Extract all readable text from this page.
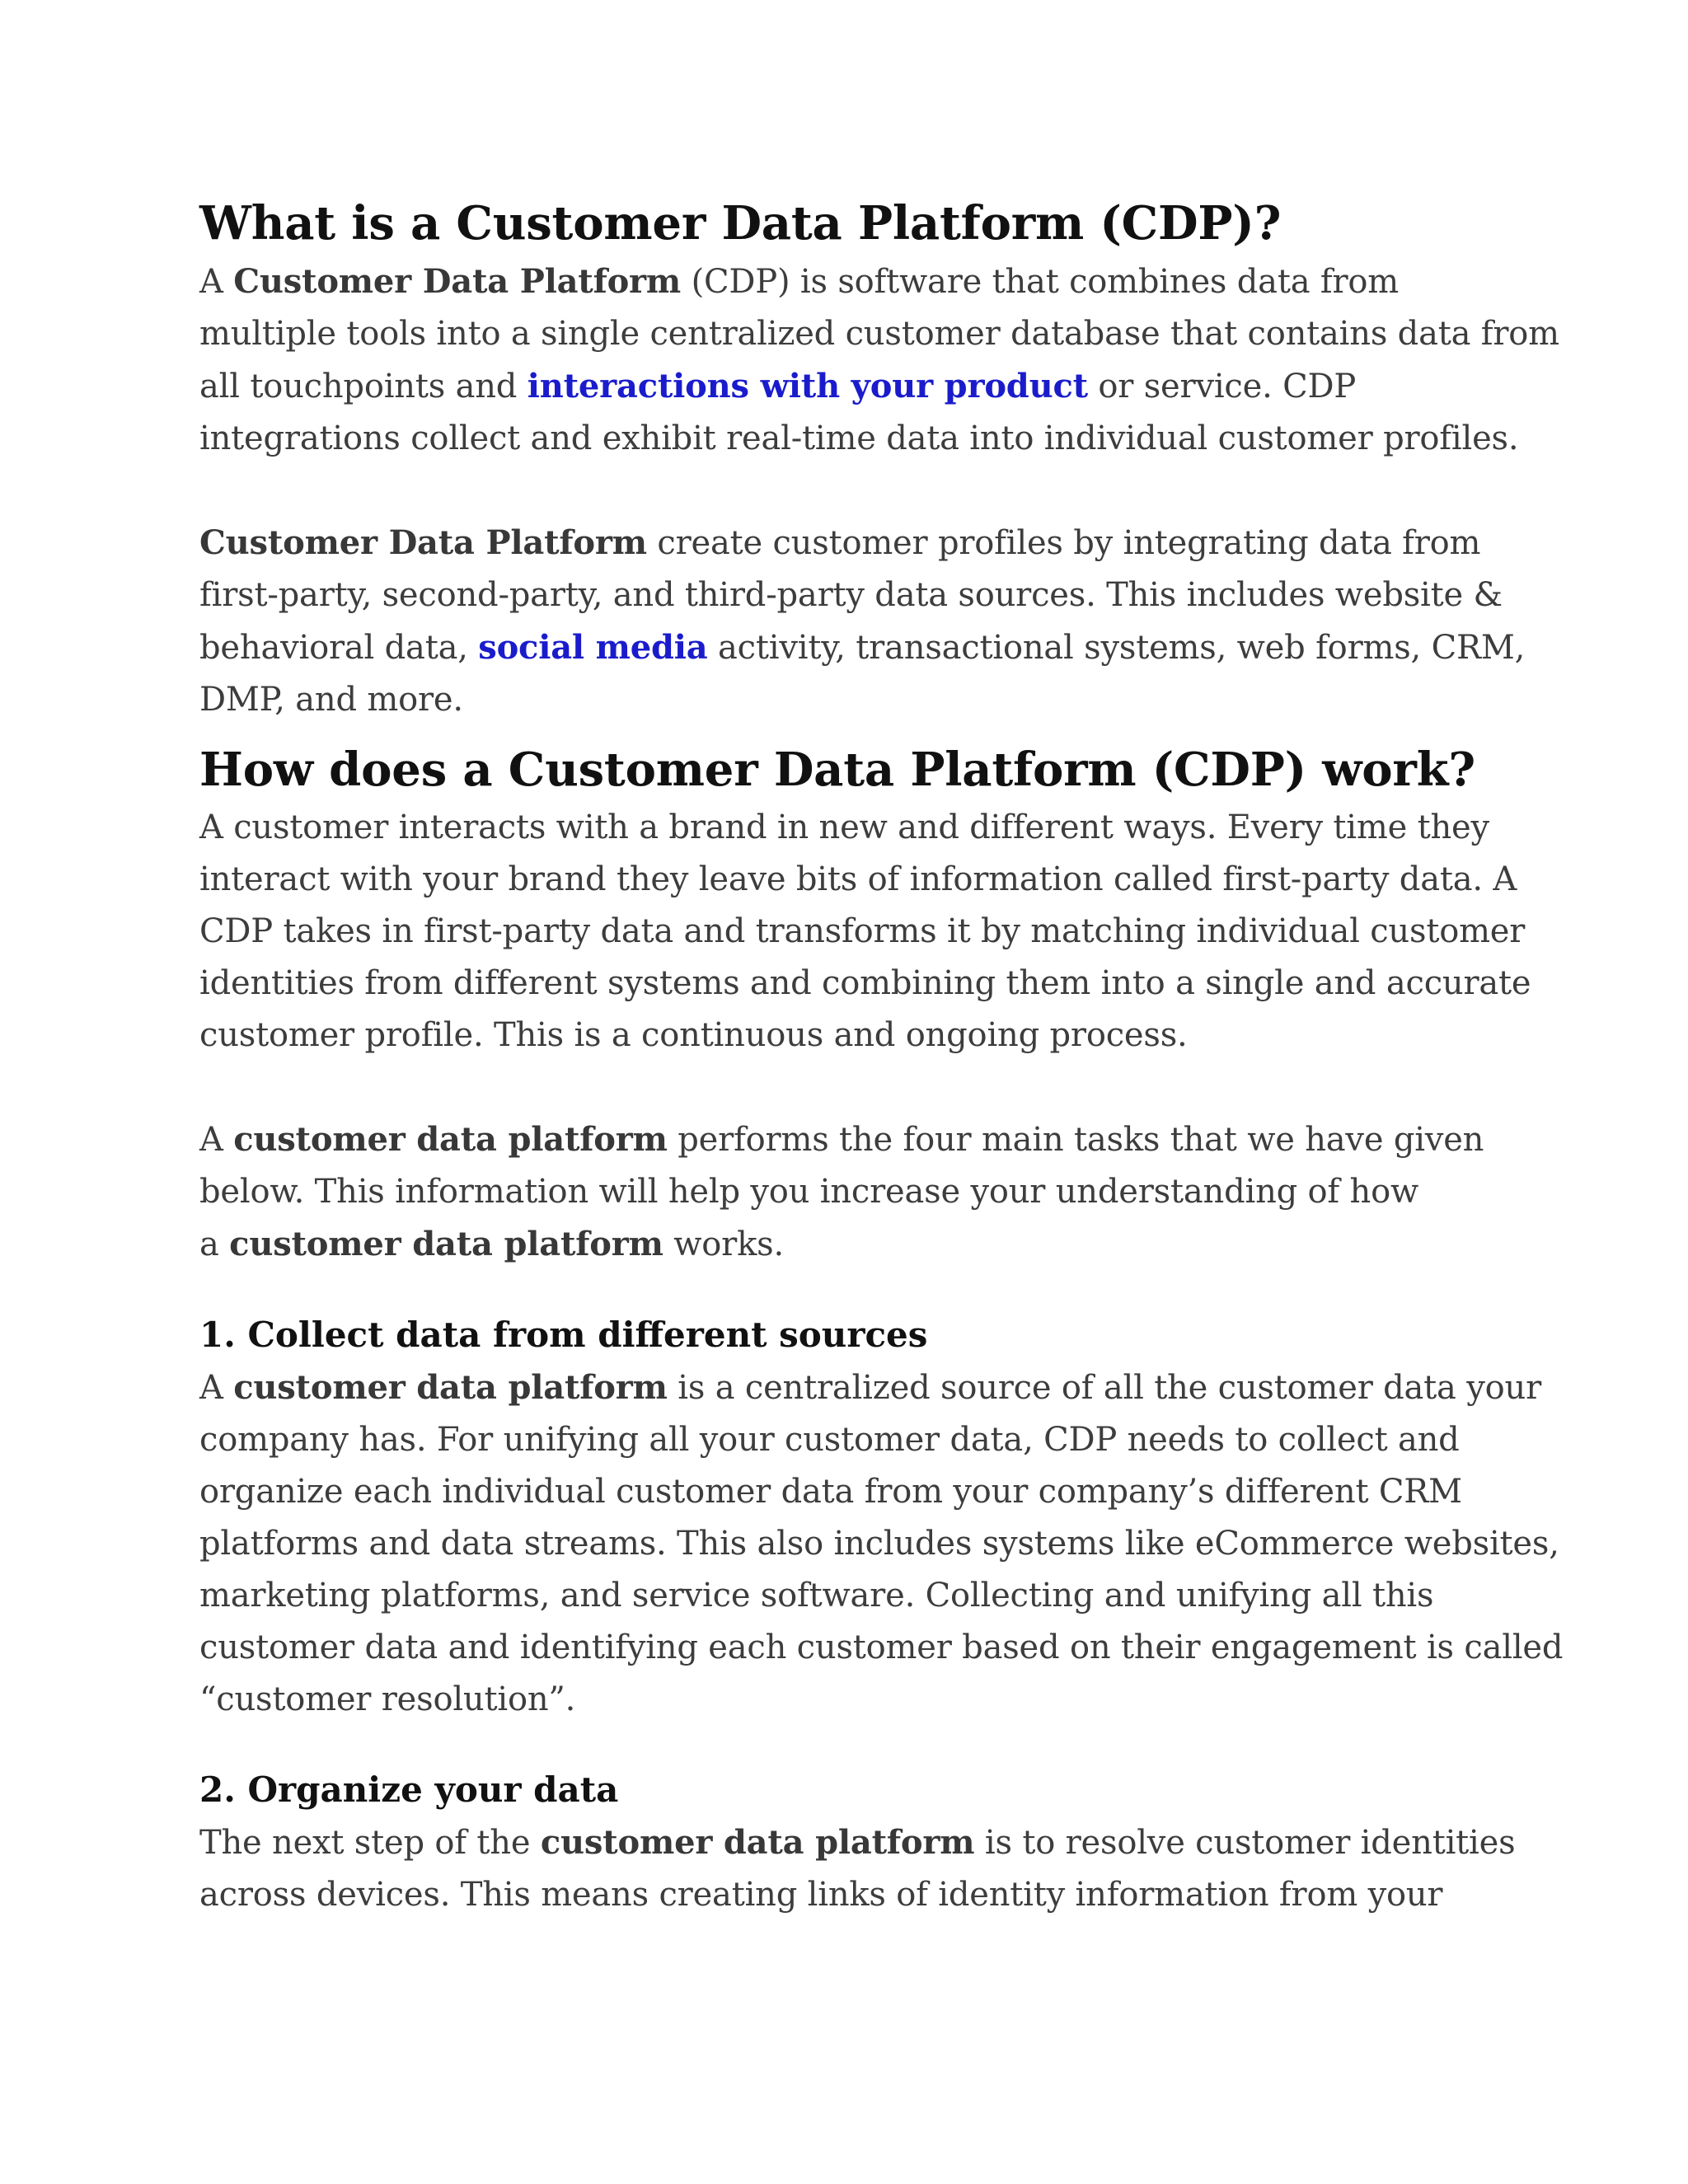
What is a Customer Data Platform (CDP)?
A Customer Data Platform (CDP) is software that combines data from
multiple tools into a single centralized customer database that contains data from
all touchpoints and interactions with your product or service. CDP
integrations collect and exhibit real-time data into individual customer profiles.
Customer Data Platform create customer profiles by integrating data from
first-party, second-party, and third-party data sources. This includes website &
behavioral data, social media activity, transactional systems, web forms, CRM,
DMP, and more.
How does a Customer Data Platform (CDP) work?
A customer interacts with a brand in new and different ways. Every time they
interact with your brand they leave bits of information called first-party data. A
CDP takes in first-party data and transforms it by matching individual customer
identities from different systems and combining them into a single and accurate
customer profile. This is a continuous and ongoing process.
A customer data platform performs the four main tasks that we have given
below. This information will help you increase your understanding of how
a customer data platform works.
1. Collect data from different sources
A customer data platform is a centralized source of all the customer data your
company has. For unifying all your customer data, CDP needs to collect and
organize each individual customer data from your company’s different CRM
platforms and data streams. This also includes systems like eCommerce websites,
marketing platforms, and service software. Collecting and unifying all this
customer data and identifying each customer based on their engagement is called
“customer resolution”.
2. Organize your data
The next step of the customer data platform is to resolve customer identities
across devices. This means creating links of identity information from your
